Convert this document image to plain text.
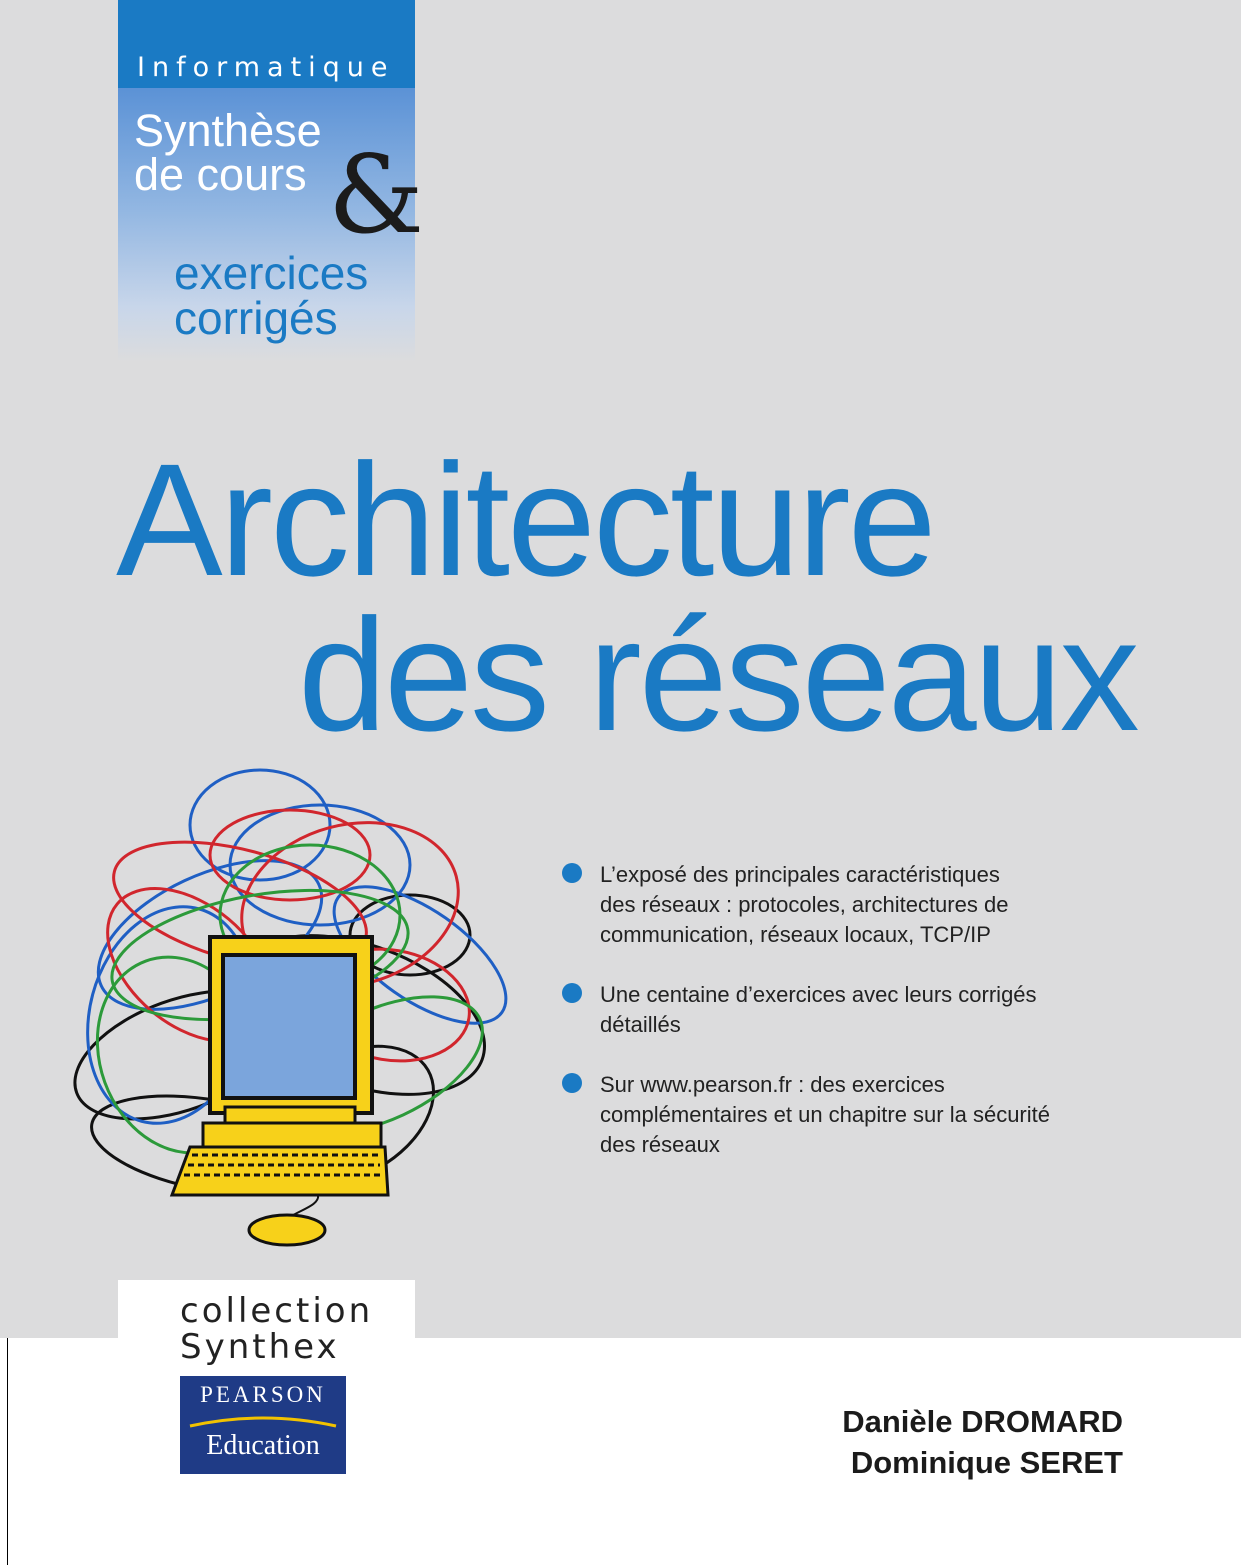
Informatique
Synthèse
de cours &
exercices
corrigés
Architecture
des réseaux
L’exposé des principales caractéristiques
des réseaux : protocoles, architectures de
communication, réseaux locaux, TCP/IP
Une centaine d’exercices avec leurs corrigés
détaillés
Sur www.pearson.fr : des exercices
complémentaires et un chapitre sur la sécurité
des réseaux
collection
Synthex
PEARSON
Education
Danièle DROMARD
Dominique SERET
